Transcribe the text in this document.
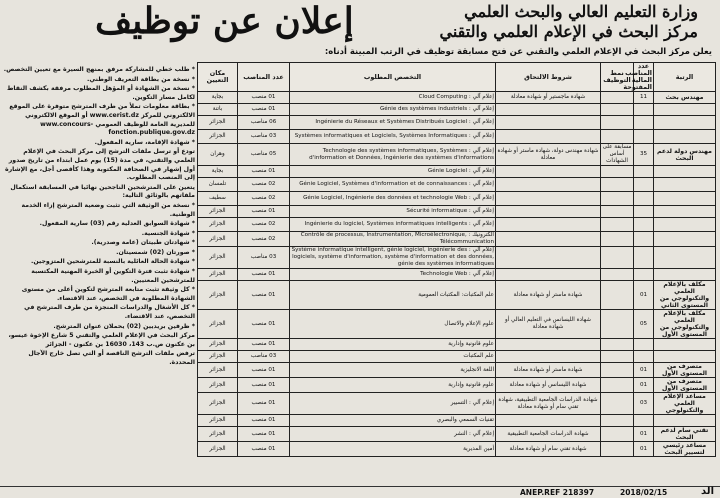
إعلان عن توظيف	وزارة التعليم العالي والبحث العلمي
مركز البحث في الإعلام العلمي والتقني
يعلن مركز البحث في الإعلام العلمي والتقني عن فتح مسابقة توظيف في الرتب المبينة أدناه:

* طلب خطي للمشاركة مرفق بمنهج السيرة مع تعيين التخصص.

* نسخة من بطاقة التعريف الوطني.

* نسخة من الشهادة أو المؤهل المطلوب مرفقة بكشف النقاط لكامل مسار التكوين.

* بطاقة معلومات تملأ من طرف المترشح متوفرة على الموقع الالكتروني للمركز www.cerist.dz أو الموقع الالكتروني للمديرية العامة للوظيف العمومي www.concours-fonction.publique.gov.dz

* شهادة الإقامة، سارية المفعول.

تودع أو ترسل ملفات الترشح إلى مركز البحث في الإعلام العلمي والتقني، في مدة (15) يوم عمل ابتداء من تاريخ صدور أول إشهار في الصحافة المكتوبة وهذا كأقصى أجل، مع الإشارة إلى المنصب المطلوب.

يتعين على المترشحين الناجحين نهائيا في المسابقة استكمال ملفاتهم بالوثائق التالية:

* نسخة من الوثيقة التي تثبت وضعية المترشح إزاء الخدمة الوطنية.

* شهادة السوابق العدلية رقم (03) سارية المفعول.

* شهادة الجنسية.

* شهادتان طبيتان (عامة وصدرية).

* صورتان (02) شمسيتان.

* شهادة الحالة العائلية بالنسبة للمترشحين المتزوجين.

* شهادة تثبت فترة التكوين أو الخبرة المهنية المكتسبة للمترشحين المعنيين.

* كل وثيقة تثبت متابعة المترشح لتكوين أعلى من مستوى الشهادة المطلوبة في التخصص، عند الاقتضاء.

* كل الأشغال والدراسات المنجزة من طرف المترشح في التخصص، عند الاقتضاء.

* ظرفين بريديين (02) يحملان عنوان المترشح.

مركز البحث في الإعلام العلمي والتقني 5 شارع الإخوة عيسو، بن عكنون ص.ب 143، 16030 بن عكنون - الجزائر

ترفض ملفات الترشح الناقصة أو التي تصل خارج الآجال المحددة.

الرتبة	عدد المناصب المالية المفتوحة	نمط التوظيف	شروط الالتحاق	التخصص المطلوب	عدد المناصب	مكان التعيين
مهندس بحث	11		شهادة ماجستير أو شهادة معادلة	إعلام آلي : Cloud Computing	01 منصب	بجاية
				إعلام آلي : Génie des systèmes industriels	01 منصب	باتنة
				إعلام آلي : Ingénierie du Réseaux et Systèmes Distribués Logiciel	06 مناصب	الجزائر
				إعلام آلي : Systèmes informatiques et Logiciels, Systèmes Informatiques	03 مناصب	الجزائر
مهندس دولة لدعم البحث	35	مسابقة على أساس الشهادات	شهادة مهندس دولة، شهادة ماستر أو شهادة معادلة	إعلام آلي : Technologie des systèmes informatiques, Systèmes d'information et Données, Ingénierie des systèmes d'informations	05 مناصب	وهران
				إعلام آلي : Génie Logiciel	01 منصب	بجاية
				إعلام آلي : Génie Logiciel, Systèmes d'information et de connaissances	02 منصب	تلمسان
				إعلام آلي : Génie Logiciel, Ingénierie des données et technologie Web	02 منصب	سطيف
				إعلام آلي : Sécurité informatique	01 منصب	الجزائر
				إعلام آلي : Ingénierie du logiciel, Systèmes informatiques intelligents	02 منصب	الجزائر
				الكترونيك : Contrôle de processus, Instrumentation, Microélectronique, Télécommunication	02 منصب	الجزائر
				إعلام آلي : Système informatique intelligent, génie logiciel, ingénierie des logiciels, système d'information, système d'information et des données, génie des systèmes informatiques	03 مناصب	الجزائر
				إعلام آلي : Technologie Web	01 منصب	الجزائر
مكلف بالإعلام العلمي والتكنولوجي من المستوى الثاني	01		شهادة ماستر أو شهادة معادلة	علم المكتبات: المكتبات العمومية	01 منصب	الجزائر
مكلف بالإعلام العلمي والتكنولوجي من المستوى الأول	05		شهادة الليسانس في التعليم العالي أو شهادة معادلة	علوم الإعلام والاتصال	01 منصب	الجزائر
				علوم قانونية وإدارية	01 منصب	الجزائر
				علم المكتبات	03 مناصب	الجزائر
متصرف من المستوى الأول	01		شهادة ماستر أو شهادة معادلة	اللغة الانجليزية	01 منصب	الجزائر
متصرف من المستوى الأول	01		شهادة الليسانس أو شهادة معادلة	علوم قانونية وإدارية	01 منصب	الجزائر
مساعد الإعلام العلمي والتكنولوجي	03		شهادة الدراسات الجامعية التطبيقية، شهادة تقني سام أو شهادة معادلة	إعلام آلي : التسيير	01 منصب	الجزائر
				تقنيات السمعي والبصري	01 منصب	الجزائر
تقني سام لدعم البحث	01		شهادة الدراسات الجامعية التطبيقية	إعلام آلي : النشر	01 منصب	الجزائر
مساعد رئيسي لتسيير البحث	01		شهادة تقني سام أو شهادة معادلة	أمين المديرية	01 منصب	الجزائر
ANEP.REF 218397	2018/02/15	الد
